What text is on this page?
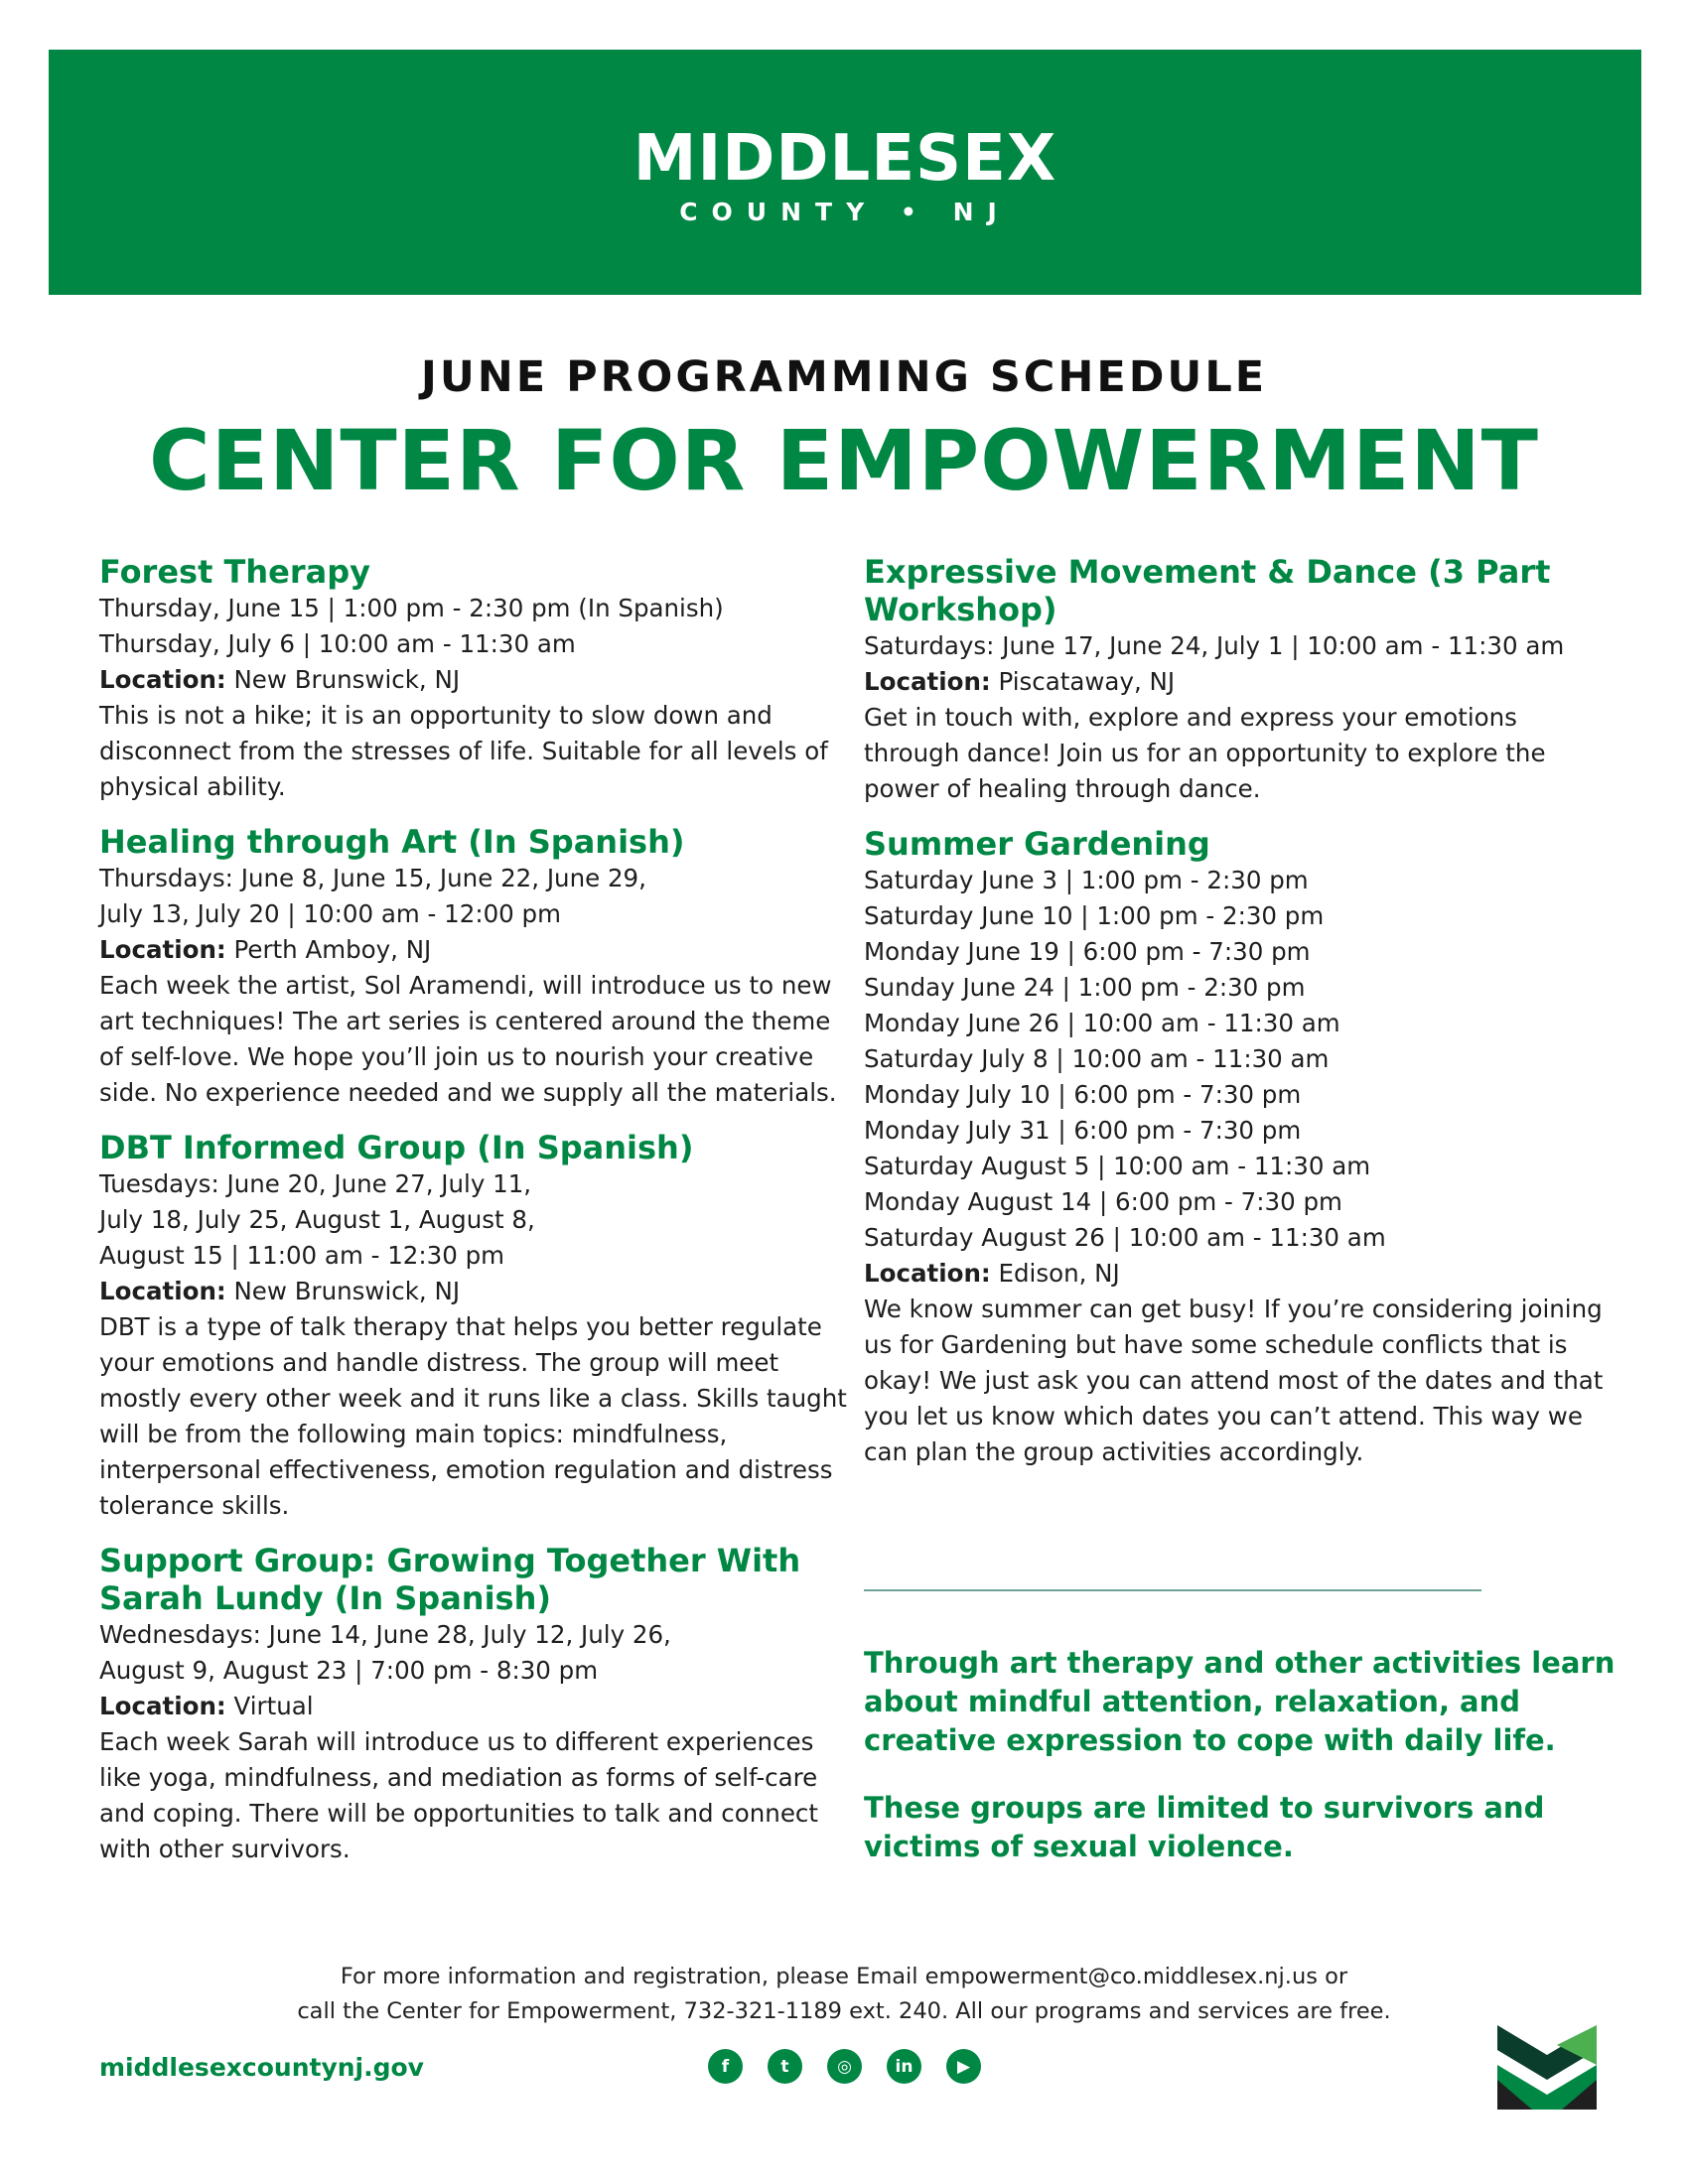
MIDDLESEX
COUNTY • NJ
JUNE PROGRAMMING SCHEDULE
CENTER FOR EMPOWERMENT
Forest Therapy
Thursday, June 15 | 1:00 pm - 2:30 pm (In Spanish)
Thursday, July 6 | 10:00 am - 11:30 am
Location: New Brunswick, NJ
This is not a hike; it is an opportunity to slow down and disconnect from the stresses of life. Suitable for all levels of physical ability.
Healing through Art (In Spanish)
Thursdays: June 8, June 15, June 22, June 29,
July 13, July 20 | 10:00 am - 12:00 pm
Location: Perth Amboy, NJ
Each week the artist, Sol Aramendi, will introduce us to new art techniques! The art series is centered around the theme of self-love. We hope you’ll join us to nourish your creative side. No experience needed and we supply all the materials.
DBT Informed Group (In Spanish)
Tuesdays: June 20, June 27, July 11,
July 18, July 25, August 1, August 8,
August 15 | 11:00 am - 12:30 pm
Location: New Brunswick, NJ
DBT is a type of talk therapy that helps you better regulate your emotions and handle distress. The group will meet mostly every other week and it runs like a class. Skills taught will be from the following main topics: mindfulness, interpersonal effectiveness, emotion regulation and distress tolerance skills.
Support Group: Growing Together With Sarah Lundy (In Spanish)
Wednesdays: June 14, June 28, July 12, July 26,
August 9, August 23 | 7:00 pm - 8:30 pm
Location: Virtual
Each week Sarah will introduce us to different experiences like yoga, mindfulness, and mediation as forms of self-care and coping. There will be opportunities to talk and connect with other survivors.
Expressive Movement & Dance (3 Part Workshop)
Saturdays: June 17, June 24, July 1 | 10:00 am - 11:30 am
Location: Piscataway, NJ
Get in touch with, explore and express your emotions through dance! Join us for an opportunity to explore the power of healing through dance.
Summer Gardening
Saturday June 3 | 1:00 pm - 2:30 pm
Saturday June 10 | 1:00 pm - 2:30 pm
Monday June 19 | 6:00 pm - 7:30 pm
Sunday June 24 | 1:00 pm - 2:30 pm
Monday June 26 | 10:00 am - 11:30 am
Saturday July 8 | 10:00 am - 11:30 am
Monday July 10 | 6:00 pm - 7:30 pm
Monday July 31 | 6:00 pm - 7:30 pm
Saturday August 5 | 10:00 am - 11:30 am
Monday August 14 | 6:00 pm - 7:30 pm
Saturday August 26 | 10:00 am - 11:30 am
Location: Edison, NJ
We know summer can get busy! If you’re considering joining us for Gardening but have some schedule conflicts that is okay! We just ask you can attend most of the dates and that you let us know which dates you can’t attend. This way we can plan the group activities accordingly.
Through art therapy and other activities learn about mindful attention, relaxation, and creative expression to cope with daily life.
These groups are limited to survivors and victims of sexual violence.
For more information and registration, please Email empowerment@co.middlesex.nj.us or
call the Center for Empowerment, 732-321-1189 ext. 240. All our programs and services are free.
middlesexcountynj.gov	f	t	◎	in	▶
